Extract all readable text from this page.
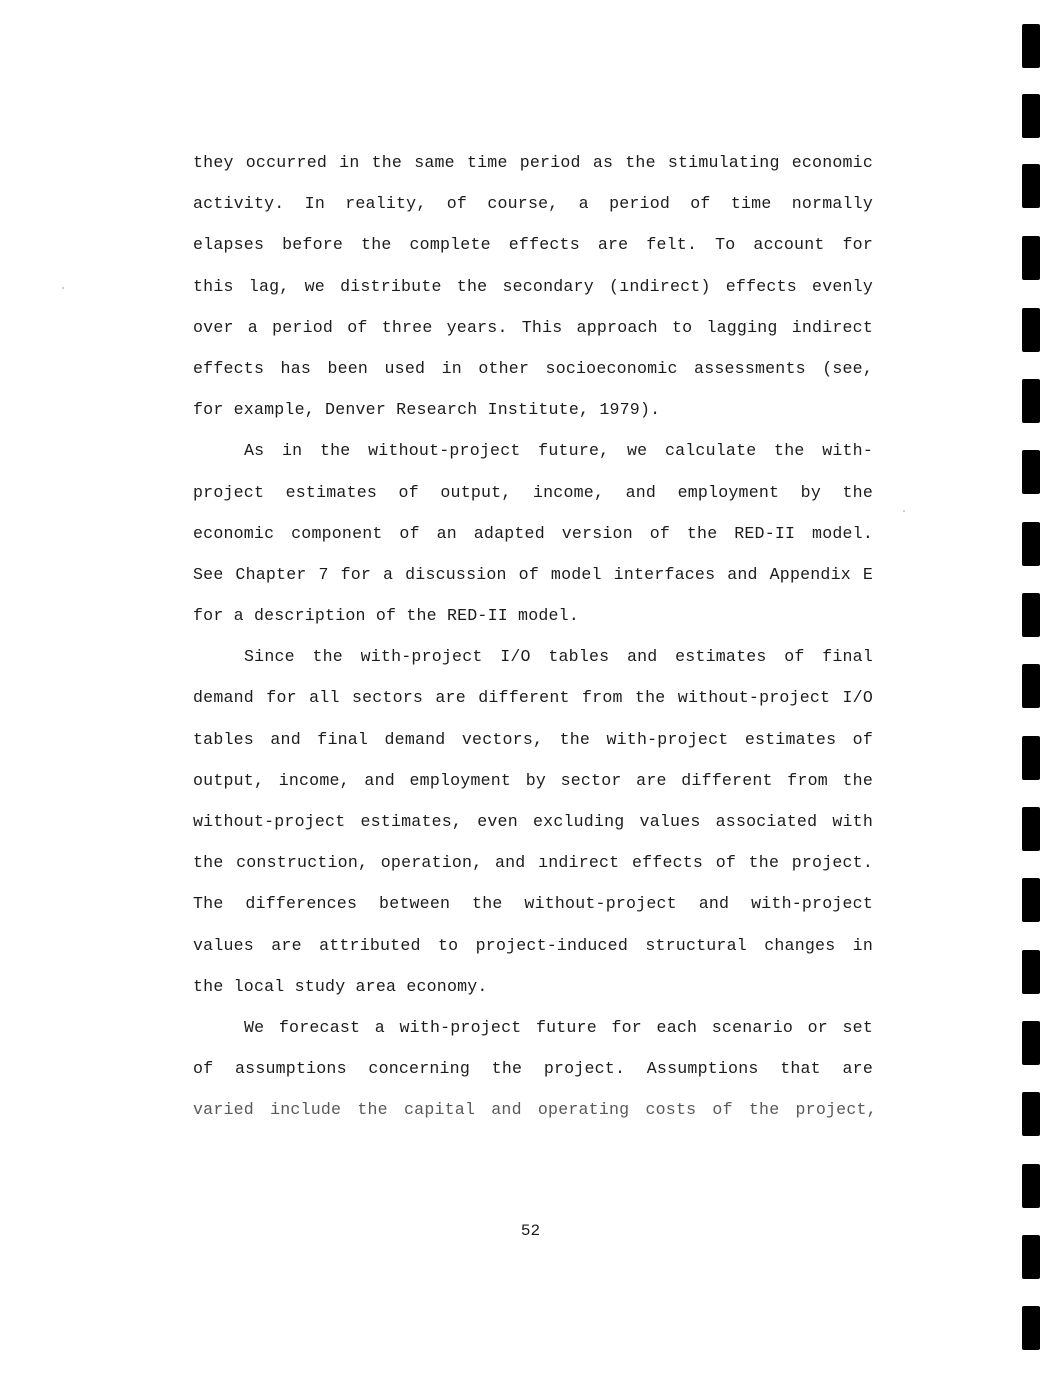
they occurred in the same time period as the stimulating economic
activity. In reality, of course, a period of time normally
elapses before the complete effects are felt. To account for
this lag, we distribute the secondary (ındirect) effects evenly
over a period of three years. This approach to lagging indirect
effects has been used in other socioeconomic assessments (see,
for example, Denver Research Institute, 1979).
As in the without-project future, we calculate the with-
project estimates of output, income, and employment by the
economic component of an adapted version of the RED-II model.
See Chapter 7 for a discussion of model interfaces and Appendix E
for a description of the RED-II model.
Since the with-project I/O tables and estimates of final
demand for all sectors are different from the without-project I/O
tables and final demand vectors, the with-project estimates of
output, income, and employment by sector are different from the
without-project estimates, even excluding values associated with
the construction, operation, and ındirect effects of the project.
The differences between the without-project and with-project
values are attributed to project-induced structural changes in
the local study area economy.
We forecast a with-project future for each scenario or set
of assumptions concerning the project. Assumptions that are
varied include the capital and operating costs of the project,
52
